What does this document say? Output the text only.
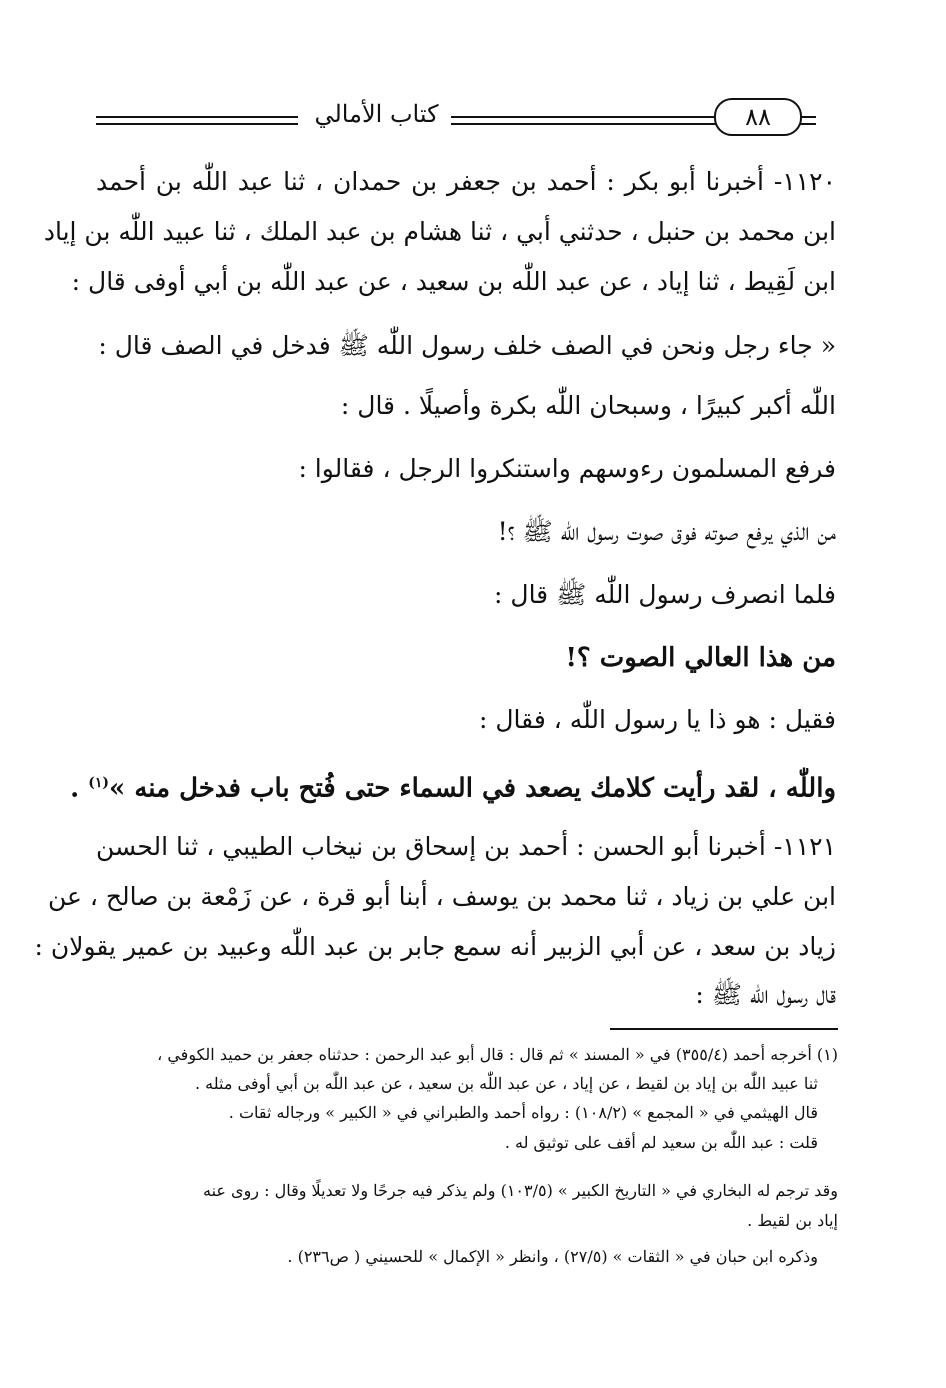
كتاب الأمالي	٨٨
١١٢٠- أخبرنا أبو بكر : أحمد بن جعفر بن حمدان ، ثنا عبد اللّٰه بن أحمد
ابن محمد بن حنبل ، حدثني أبي ، ثنا هشام بن عبد الملك ، ثنا عبيد اللّٰه بن إياد
ابن لَقِيط ، ثنا إياد ، عن عبد اللّٰه بن سعيد ، عن عبد اللّٰه بن أبي أوفى قال :
« جاء رجل ونحن في الصف خلف رسول اللّٰه ﷺ فدخل في الصف قال :
اللّٰه أكبر كبيرًا ، وسبحان اللّٰه بكرة وأصيلًا . قال :
فرفع المسلمون رءوسهم واستنكروا الرجل ، فقالوا :
من الذي يرفع صوته فوق صوت رسول اللّٰه ﷺ ؟!
فلما انصرف رسول اللّٰه ﷺ قال :
من هذا العالي الصوت ؟!
فقيل : هو ذا يا رسول اللّٰه ، فقال :
واللّٰه ، لقد رأيت كلامك يصعد في السماء حتى فُتح باب فدخل منه »$^{(١)}$ .
١١٢١- أخبرنا أبو الحسن : أحمد بن إسحاق بن نيخاب الطيبي ، ثنا الحسن
ابن علي بن زياد ، ثنا محمد بن يوسف ، أبنا أبو قرة ، عن زَمْعة بن صالح ، عن
زياد بن سعد ، عن أبي الزبير أنه سمع جابر بن عبد اللّٰه وعبيد بن عمير يقولان :
قال رسول اللّٰه ﷺ :
(١) أخرجه أحمد (٣٥٥/٤) في « المسند » ثم قال : قال أبو عبد الرحمن : حدثناه جعفر بن حميد الكوفي ،
ثنا عبيد اللّٰه بن إياد بن لقيط ، عن إياد ، عن عبد اللّٰه بن سعيد ، عن عبد اللّٰه بن أبي أوفى مثله .
قال الهيثمي في « المجمع » (١٠٨/٢) : رواه أحمد والطبراني في « الكبير » ورجاله ثقات .
قلت : عبد اللّٰه بن سعيد لم أقف على توثيق له .
وقد ترجم له البخاري في « التاريخ الكبير » (١٠٣/٥) ولم يذكر فيه جرحًا ولا تعديلًا وقال : روى عنه
إياد بن لقيط .
وذكره ابن حبان في « الثقات » (٢٧/٥) ، وانظر « الإكمال » للحسيني ( ص٢٣٦) .
